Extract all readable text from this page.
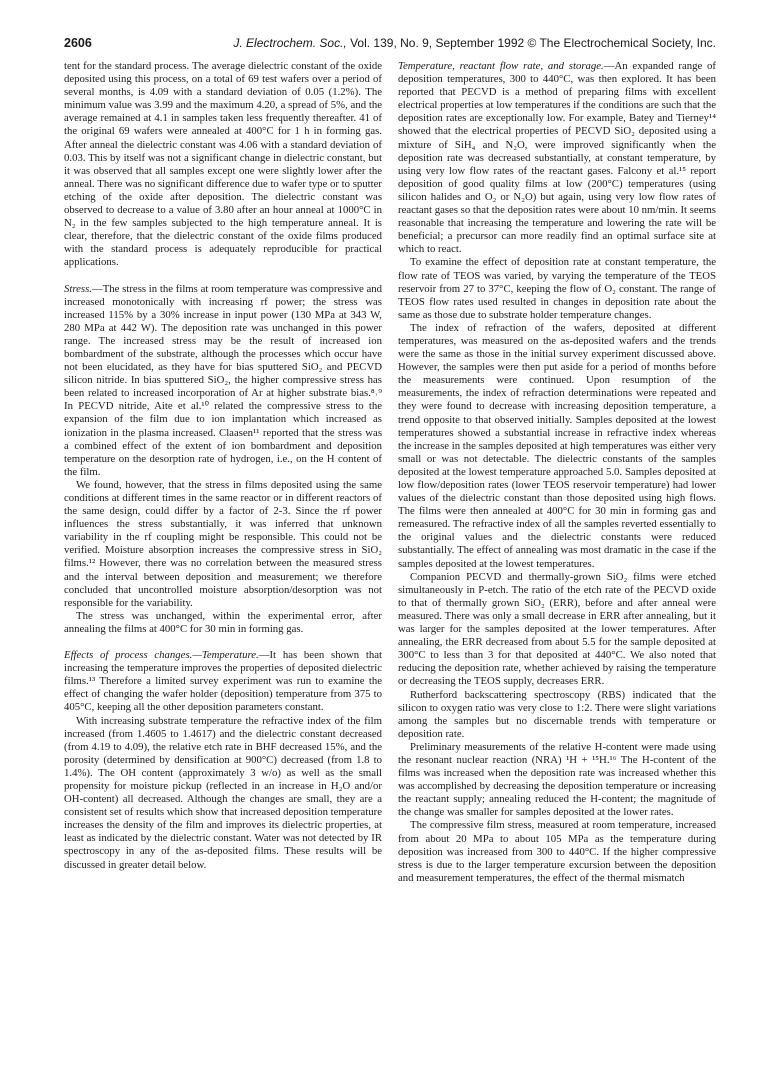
2606	J. Electrochem. Soc., Vol. 139, No. 9, September 1992 © The Electrochemical Society, Inc.

tent for the standard process. The average dielectric constant of the oxide deposited using this process, on a total of 69 test wafers over a period of several months, is 4.09 with a standard deviation of 0.05 (1.2%). The minimum value was 3.99 and the maximum 4.20, a spread of 5%, and the average remained at 4.1 in samples taken less frequently thereafter. 41 of the original 69 wafers were annealed at 400°C for 1 h in forming gas. After anneal the dielectric constant was 4.06 with a standard deviation of 0.03. This by itself was not a significant change in dielectric constant, but it was observed that all samples except one were slightly lower after the anneal. There was no significant difference due to wafer type or to sputter etching of the oxide after deposition. The dielectric constant was observed to decrease to a value of 3.80 after an hour anneal at 1000°C in N₂ in the few samples subjected to the high temperature anneal. It is clear, therefore, that the dielectric constant of the oxide films produced with the standard process is adequately reproducible for practical applications.

Stress.—The stress in the films at room temperature was compressive and increased monotonically with increasing rf power; the stress was increased 115% by a 30% increase in input power (130 MPa at 343 W, 280 MPa at 442 W). The deposition rate was unchanged in this power range. The increased stress may be the result of increased ion bombardment of the substrate, although the processes which occur have not been elucidated, as they have for bias sputtered SiO₂ and PECVD silicon nitride. In bias sputtered SiO₂, the higher compressive stress has been related to increased incorporation of Ar at higher substrate bias.⁸˒⁹ In PECVD nitride, Aite et al.¹⁰ related the compressive stress to the expansion of the film due to ion implantation which increased as ionization in the plasma increased. Claasen¹¹ reported that the stress was a combined effect of the extent of ion bombardment and deposition temperature on the desorption rate of hydrogen, i.e., on the H content of the film.

We found, however, that the stress in films deposited using the same conditions at different times in the same reactor or in different reactors of the same design, could differ by a factor of 2-3. Since the rf power influences the stress substantially, it was inferred that unknown variability in the rf coupling might be responsible. This could not be verified. Moisture absorption increases the compressive stress in SiO₂ films.¹² However, there was no correlation between the measured stress and the interval between deposition and measurement; we therefore concluded that uncontrolled moisture absorption/desorption was not responsible for the variability.

The stress was unchanged, within the experimental error, after annealing the films at 400°C for 30 min in forming gas.

Effects of process changes.—Temperature.—It has been shown that increasing the temperature improves the properties of deposited dielectric films.¹³ Therefore a limited survey experiment was run to examine the effect of changing the wafer holder (deposition) temperature from 375 to 405°C, keeping all the other deposition parameters constant.

With increasing substrate temperature the refractive index of the film increased (from 1.4605 to 1.4617) and the dielectric constant decreased (from 4.19 to 4.09), the relative etch rate in BHF decreased 15%, and the porosity (determined by densification at 900°C) decreased (from 1.8 to 1.4%). The OH content (approximately 3 w/o) as well as the small propensity for moisture pickup (reflected in an increase in H₂O and/or OH-content) all decreased. Although the changes are small, they are a consistent set of results which show that increased deposition temperature increases the density of the film and improves its dielectric properties, at least as indicated by the dielectric constant. Water was not detected by IR spectroscopy in any of the as-deposited films. These results will be discussed in greater detail below.

Temperature, reactant flow rate, and storage.—An expanded range of deposition temperatures, 300 to 440°C, was then explored. It has been reported that PECVD is a method of preparing films with excellent electrical properties at low temperatures if the conditions are such that the deposition rates are exceptionally low. For example, Batey and Tierney¹⁴ showed that the electrical properties of PECVD SiO₂ deposited using a mixture of SiH₄ and N₂O, were improved significantly when the deposition rate was decreased substantially, at constant temperature, by using very low flow rates of the reactant gases. Falcony et al.¹⁵ report deposition of good quality films at low (200°C) temperatures (using silicon halides and O₂ or N₂O) but again, using very low flow rates of reactant gases so that the deposition rates were about 10 nm/min. It seems reasonable that increasing the temperature and lowering the rate will be beneficial; a precursor can more readily find an optimal surface site at which to react.

To examine the effect of deposition rate at constant temperature, the flow rate of TEOS was varied, by varying the temperature of the TEOS reservoir from 27 to 37°C, keeping the flow of O₂ constant. The range of TEOS flow rates used resulted in changes in deposition rate about the same as those due to substrate holder temperature changes.

The index of refraction of the wafers, deposited at different temperatures, was measured on the as-deposited wafers and the trends were the same as those in the initial survey experiment discussed above. However, the samples were then put aside for a period of months before the measurements were continued. Upon resumption of the measurements, the index of refraction determinations were repeated and they were found to decrease with increasing deposition temperature, a trend opposite to that observed initially. Samples deposited at the lowest temperatures showed a substantial increase in refractive index whereas the increase in the samples deposited at high temperatures was either very small or was not detectable. The dielectric constants of the samples deposited at the lowest temperature approached 5.0. Samples deposited at low flow/deposition rates (lower TEOS reservoir temperature) had lower values of the dielectric constant than those deposited using high flows. The films were then annealed at 400°C for 30 min in forming gas and remeasured. The refractive index of all the samples reverted essentially to the original values and the dielectric constants were reduced substantially. The effect of annealing was most dramatic in the case if the samples deposited at the lowest temperatures.

Companion PECVD and thermally-grown SiO₂ films were etched simultaneously in P-etch. The ratio of the etch rate of the PECVD oxide to that of thermally grown SiO₂ (ERR), before and after anneal were measured. There was only a small decrease in ERR after annealing, but it was larger for the samples deposited at the lower temperatures. After annealing, the ERR decreased from about 5.5 for the sample deposited at 300°C to less than 3 for that deposited at 440°C. We also noted that reducing the deposition rate, whether achieved by raising the temperature or decreasing the TEOS supply, decreases ERR.

Rutherford backscattering spectroscopy (RBS) indicated that the silicon to oxygen ratio was very close to 1:2. There were slight variations among the samples but no discernable trends with temperature or deposition rate.

Preliminary measurements of the relative H-content were made using the resonant nuclear reaction (NRA) ¹H + ¹⁵H.¹⁶ The H-content of the films was increased when the deposition rate was increased whether this was accomplished by decreasing the deposition temperature or increasing the reactant supply; annealing reduced the H-content; the magnitude of the change was smaller for samples deposited at the lower rates.

The compressive film stress, measured at room temperature, increased from about 20 MPa to about 105 MPa as the temperature during deposition was increased from 300 to 440°C. If the higher compressive stress is due to the larger temperature excursion between the deposition and measurement temperatures, the effect of the thermal mismatch
